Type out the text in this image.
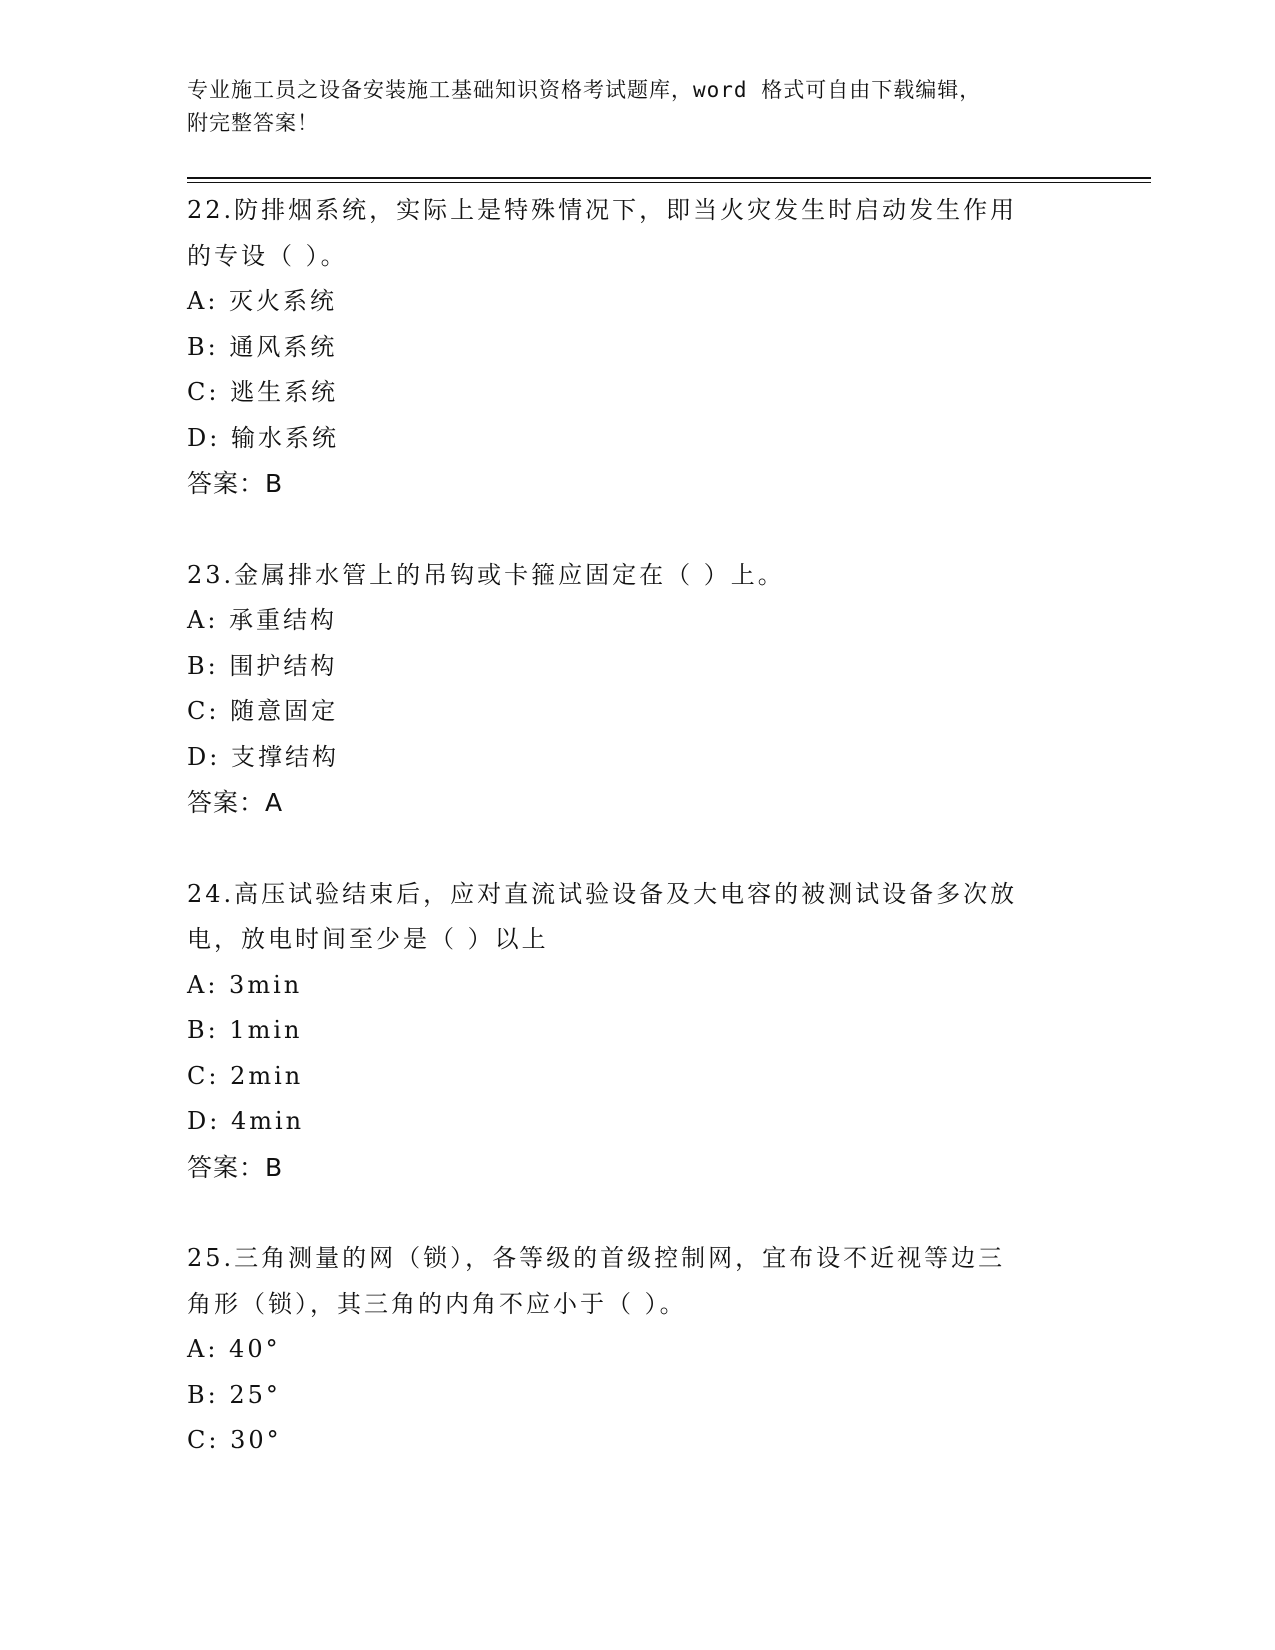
专业施工员之设备安装施工基础知识资格考试题库，word 格式可自由下载编辑，
附完整答案！
22.防排烟系统，实际上是特殊情况下，即当火灾发生时启动发生作用
的专设（ ）。
A: 灭火系统
B: 通风系统
C: 逃生系统
D: 输水系统
答案：B
23.金属排水管上的吊钩或卡箍应固定在（ ）上。
A: 承重结构
B: 围护结构
C: 随意固定
D: 支撑结构
答案：A
24.高压试验结束后，应对直流试验设备及大电容的被测试设备多次放
电，放电时间至少是（ ）以上
A: 3min
B: 1min
C: 2min
D: 4min
答案：B
25.三角测量的网（锁），各等级的首级控制网，宜布设不近视等边三
角形（锁），其三角的内角不应小于（ ）。
A: 40°
B: 25°
C: 30°
